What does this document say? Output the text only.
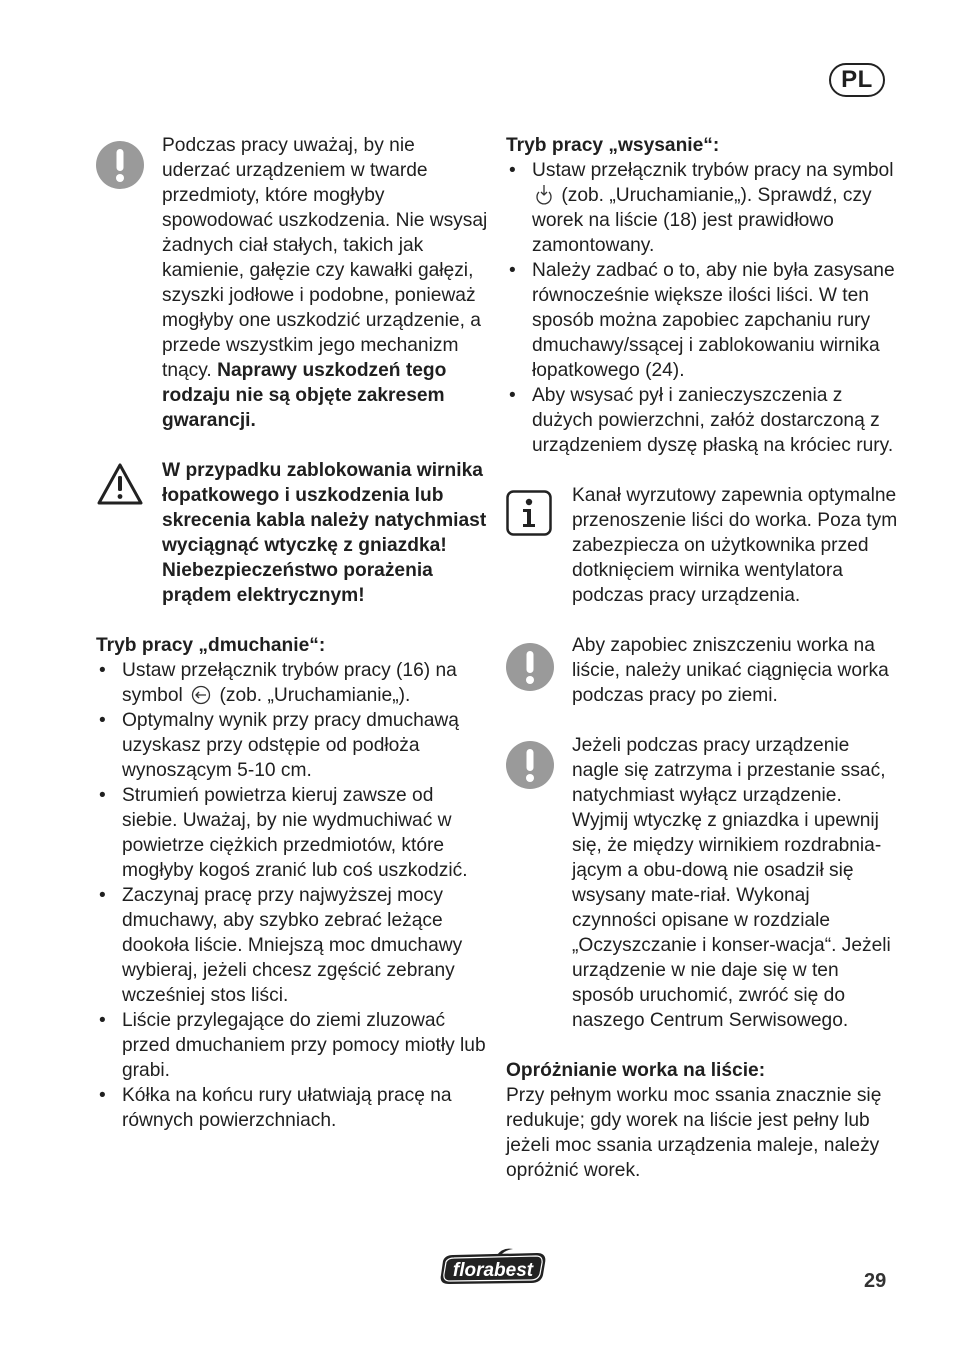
PL

Podczas pracy uważaj, by nie uderzać urządzeniem w twarde przedmioty, które mogłyby spowodować uszkodzenia. Nie wsysaj żadnych ciał stałych, takich jak kamienie, gałęzie czy kawałki gałęzi, szyszki jodłowe i podobne, ponieważ mogłyby one uszkodzić urządzenie, a przede wszystkim jego mechanizm tnący. Naprawy uszkodzeń tego rodzaju nie są objęte zakresem gwarancji.

W przypadku zablokowania wirnika łopatkowego i uszkodzenia lub skrecenia kabla należy natychmiast wyciągnąć wtyczkę z gniazdka! Niebezpieczeństwo porażenia prądem elektrycznym!

Tryb pracy „dmuchanie“:

• Ustaw przełącznik trybów pracy (16) na symbol (zob. „Uruchamianie„).
• Optymalny wynik przy pracy dmuchawą uzyskasz przy odstępie od podłoża wynoszącym 5-10 cm.
• Strumień powietrza kieruj zawsze od siebie. Uważaj, by nie wydmuchiwać w powietrze ciężkich przedmiotów, które mogłyby kogoś zranić lub coś uszkodzić.
• Zaczynaj pracę przy najwyższej mocy dmuchawy, aby szybko zebrać leżące dookoła liście. Mniejszą moc dmuchawy wybieraj, jeżeli chcesz zgęścić zebrany wcześniej stos liści.
• Liście przylegające do ziemi zluzować przed dmuchaniem przy pomocy miotły lub grabi.
• Kółka na końcu rury ułatwiają pracę na równych powierzchniach.

Tryb pracy „wsysanie“:

• Ustaw przełącznik trybów pracy na symbol  (zob. „Uruchamianie„). Sprawdź, czy worek na liście (18) jest prawidłowo zamontowany.
• Należy zadbać o to, aby nie była zasysane równocześnie większe ilości liści. W ten sposób można zapobiec zapchaniu rury dmuchawy/ssącej i zablokowaniu wirnika łopatkowego (24).
• Aby wsysać pył i zanieczyszczenia z dużych powierzchni, załóż dostarczoną z urządzeniem dyszę płaską na króciec rury.

Kanał wyrzutowy zapewnia optymalne przenoszenie liści do worka. Poza tym zabezpiecza on użytkownika przed dotknięciem wirnika wentylatora podczas pracy urządzenia.

Aby zapobiec zniszczeniu worka na liście, należy unikać ciągnięcia worka podczas pracy po ziemi.

Jeżeli podczas pracy urządzenie nagle się zatrzyma i przestanie ssać, natychmiast wyłącz urządzenie. Wyjmij wtyczkę z gniazdka i upewnij się, że między wirnikiem rozdrabnia-jącym a obu-dową nie osadził się wsysany mate-riał. Wykonaj czynności opisane w rozdziale „Oczyszczanie i konser-wacja“. Jeżeli urządzenie w nie daje się w ten sposób uruchomić, zwróć się do naszego Centrum Serwisowego.

Opróżnianie worka na liście:

Przy pełnym worku moc ssania znacznie się redukuje; gdy worek na liście jest pełny lub jeżeli moc ssania urządzenia maleje, należy opróżnić worek.

florabest	29
